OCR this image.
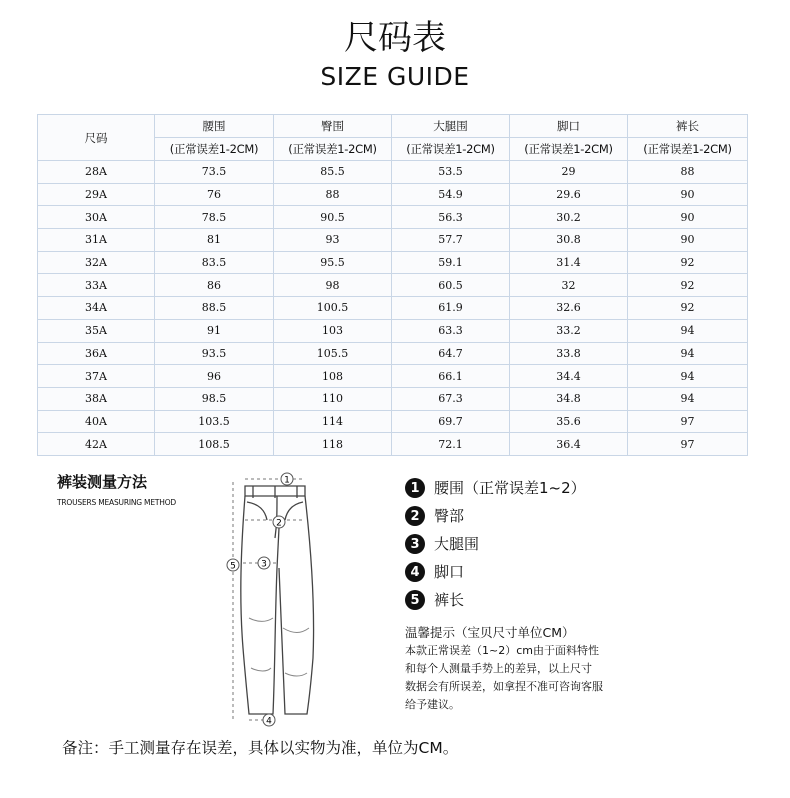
尺码表
SIZE GUIDE
尺码	腰围	臀围	大腿围	脚口	裤长
	(正常误差1-2CM)	(正常误差1-2CM)	(正常误差1-2CM)	(正常误差1-2CM)	(正常误差1-2CM)
28A	73.5	85.5	53.5	29	88
29A	76	88	54.9	29.6	90
30A	78.5	90.5	56.3	30.2	90
31A	81	93	57.7	30.8	90
32A	83.5	95.5	59.1	31.4	92
33A	86	98	60.5	32	92
34A	88.5	100.5	61.9	32.6	92
35A	91	103	63.3	33.2	94
36A	93.5	105.5	64.7	33.8	94
37A	96	108	66.1	34.4	94
38A	98.5	110	67.3	34.8	94
40A	103.5	114	69.7	35.6	97
42A	108.5	118	72.1	36.4	97
裤装测量方法
TROUSERS MEASURING METHOD
1
2
3
4
5
1 腰围（正常误差1~2）
2 臀部
3 大腿围
4 脚口
5 裤长
温馨提示（宝贝尺寸单位CM）
本款正常误差（1~2）cm由于面料特性
和每个人测量手势上的差异，以上尺寸
数据会有所误差，如拿捏不准可咨询客服
给予建议。
备注：手工测量存在误差，具体以实物为准，单位为CM。
